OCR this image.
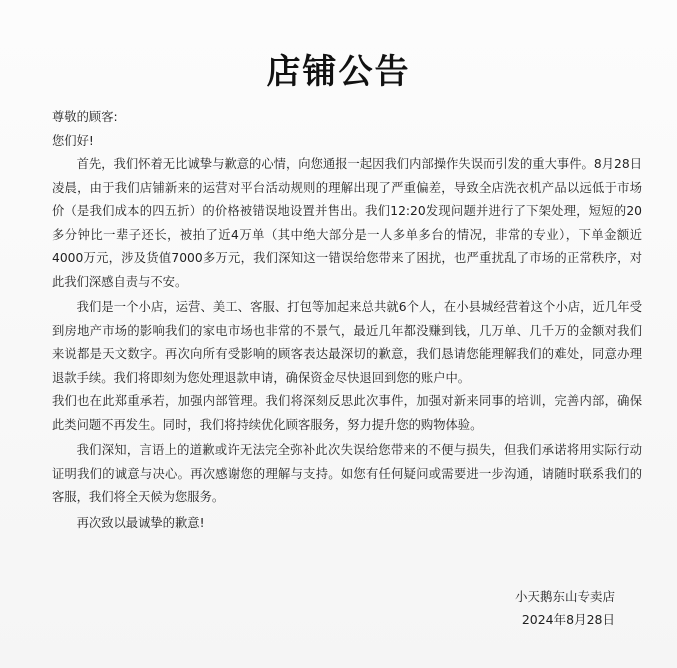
店铺公告

尊敬的顾客:

您们好!

首先，我们怀着无比诚挚与歉意的心情，向您通报一起因我们内部操作失误而引发的重大事件。8月28日凌晨，由于我们店铺新来的运营对平台活动规则的理解出现了严重偏差，导致全店洗衣机产品以远低于市场价（是我们成本的四五折）的价格被错误地设置并售出。我们12:20发现问题并进行了下架处理，短短的20多分钟比一辈子还长，被拍了近4万单（其中绝大部分是一人多单多台的情况，非常的专业），下单金额近4000万元，涉及货值7000多万元，我们深知这一错误给您带来了困扰，也严重扰乱了市场的正常秩序，对此我们深感自责与不安。

我们是一个小店，运营、美工、客服、打包等加起来总共就6个人，在小县城经营着这个小店，近几年受到房地产市场的影响我们的家电市场也非常的不景气，最近几年都没赚到钱，几万单、几千万的金额对我们来说都是天文数字。再次向所有受影响的顾客表达最深切的歉意，我们恳请您能理解我们的难处，同意办理退款手续。我们将即刻为您处理退款申请，确保资金尽快退回到您的账户中。

我们也在此郑重承若，加强内部管理。我们将深刻反思此次事件，加强对新来同事的培训，完善内部，确保此类问题不再发生。同时，我们将持续优化顾客服务，努力提升您的购物体验。

我们深知，言语上的道歉或许无法完全弥补此次失误给您带来的不便与损失，但我们承诺将用实际行动证明我们的诚意与决心。再次感谢您的理解与支持。如您有任何疑问或需要进一步沟通，请随时联系我们的客服，我们将全天候为您服务。

再次致以最诚挚的歉意!

小天鹅东山专卖店
2024年8月28日
